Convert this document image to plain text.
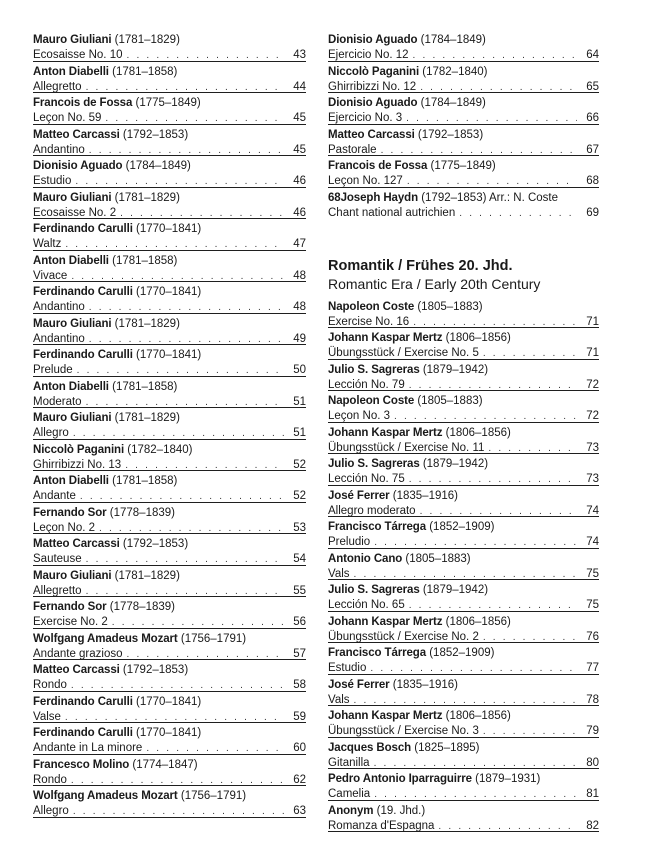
Mauro Giuliani
(1781–1829)
Ecosaisse No. 10 . . .	43
Anton Diabelli
(1781–1858)
Allegretto . . .	44
Francois de Fossa
(1775–1849)
Leçon No. 59 . . .	45
Matteo Carcassi
(1792–1853)
Andantino . . .	45
Dionisio Aguado
(1784–1849)
Estudio . . .	46
Mauro Giuliani
(1781–1829)
Ecosaisse No. 2 . . .	46
Ferdinando Carulli
(1770–1841)
Waltz . . .	47
Anton Diabelli
(1781–1858)
Vivace . . .	48
Ferdinando Carulli
(1770–1841)
Andantino . . .	48
Mauro Giuliani
(1781–1829)
Andantino . . .	49
Ferdinando Carulli
(1770–1841)
Prelude . . .	50
Anton Diabelli
(1781–1858)
Moderato . . .	51
Mauro Giuliani
(1781–1829)
Allegro . . .	51
Niccolò Paganini
(1782–1840)
Ghirribizzi No. 13 . . .	52
Anton Diabelli
(1781–1858)
Andante . . .	52
Fernando Sor
(1778–1839)
Leçon No. 2 . . .	53
Matteo Carcassi
(1792–1853)
Sauteuse . . .	54
Mauro Giuliani
(1781–1829)
Allegretto . . .	55
Fernando Sor
(1778–1839)
Exercise No. 2 . . .	56
Wolfgang Amadeus Mozart
(1756–1791)
Andante grazioso . . .	57
Matteo Carcassi
(1792–1853)
Rondo . . .	58
Ferdinando Carulli
(1770–1841)
Valse . . .	59
Ferdinando Carulli
(1770–1841)
Andante in La minore . . .	60
Francesco Molino
(1774–1847)
Rondo . . .	62
Wolfgang Amadeus Mozart
(1756–1791)
Allegro . . .	63
Dionisio Aguado
(1784–1849)
Ejercicio No. 12 . . .	64
Niccolò Paganini
(1782–1840)
Ghirribizzi No. 12 . . .	65
Dionisio Aguado
(1784–1849)
Ejercicio No. 3 . . .	66
Matteo Carcassi
(1792–1853)
Pastorale . . .	67
Francois de Fossa
(1775–1849)
Leçon No. 127 . . .	68
68Joseph Haydn
(1792–1853) Arr.: N. Coste
Chant national autrichien . . .	69
Romantik / Frühes 20. Jhd.
Romantic Era / Early 20th Century
Napoleon Coste
(1805–1883)
Exercise No. 16 . . .	71
Johann Kaspar Mertz
(1806–1856)
Übungsstück / Exercise No. 5 . . .	71
Julio S. Sagreras
(1879–1942)
Lección No. 79 . . .	72
Napoleon Coste
(1805–1883)
Leçon No. 3 . . .	72
Johann Kaspar Mertz
(1806–1856)
Übungsstück / Exercise No. 11 . . .	73
Julio S. Sagreras
(1879–1942)
Lección No. 75 . . .	73
José Ferrer
(1835–1916)
Allegro moderato . . .	74
Francisco Tárrega
(1852–1909)
Preludio . . .	74
Antonio Cano
(1805–1883)
Vals . . .	75
Julio S. Sagreras
(1879–1942)
Lección No. 65 . . .	75
Johann Kaspar Mertz
(1806–1856)
Übungsstück / Exercise No. 2 . . .	76
Francisco Tárrega
(1852–1909)
Estudio . . .	77
José Ferrer
(1835–1916)
Vals . . .	78
Johann Kaspar Mertz
(1806–1856)
Übungsstück / Exercise No. 3 . . .	79
Jacques Bosch
(1825–1895)
Gitanilla . . .	80
Pedro Antonio Iparraguirre
(1879–1931)
Camelia . . .	81
Anonym
(19. Jhd.)
Romanza d'Espagna . . .	82
